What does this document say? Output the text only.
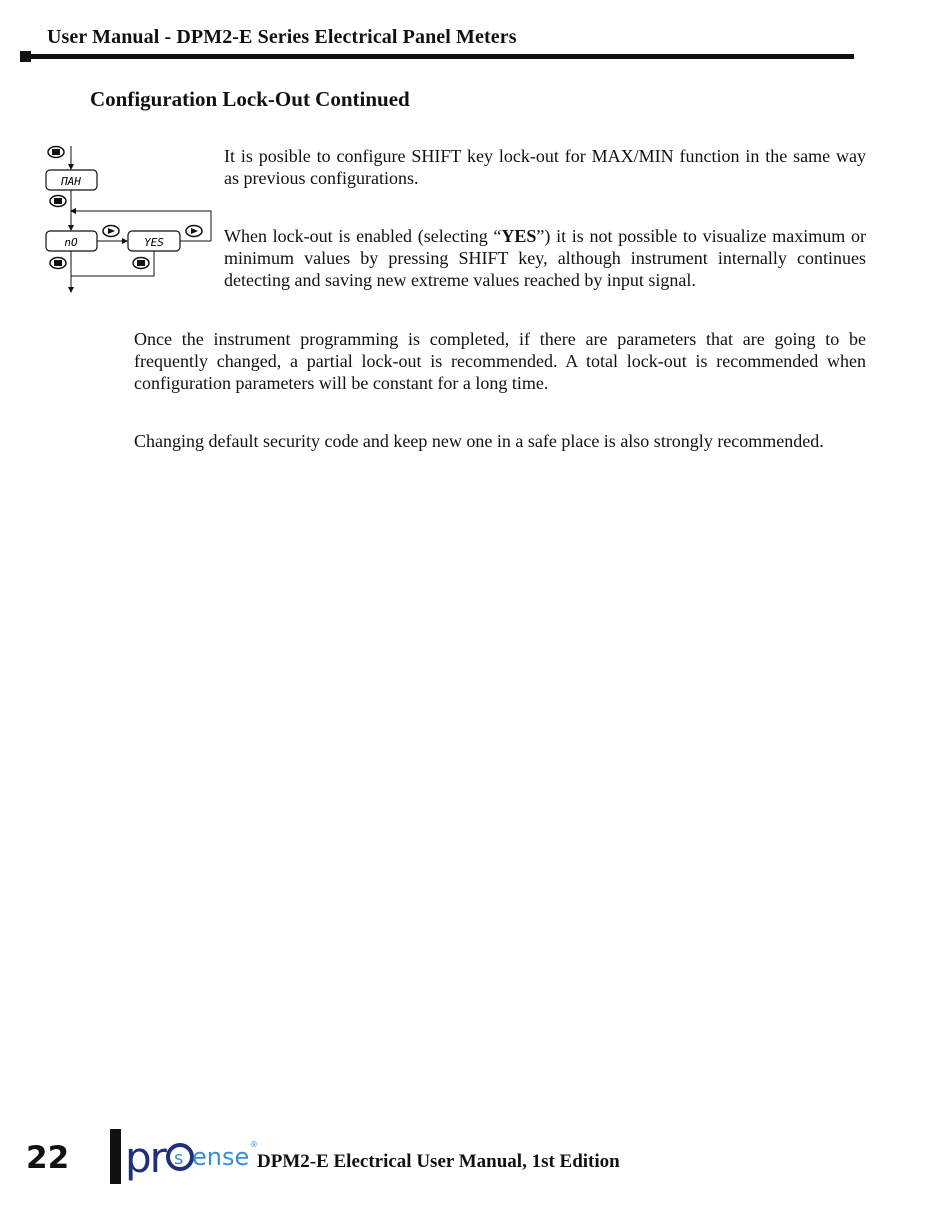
User Manual - DPM2-E Series Electrical Panel Meters
Configuration Lock-Out Continued
ΠAH
nO	YES

It is posible to configure SHIFT key lock-out for MAX/MIN function in the same way as previous configurations.

When lock-out is enabled (selecting “YES”) it is not possible to visualize maximum or minimum values by pressing SHIFT key, although instrument internally continues detecting and saving new extreme values reached by input signal.

Once the instrument programming is completed, if there are parameters that are going to be frequently changed, a partial lock-out is recommended. A total lock-out is recommended when configuration parameters will be constant for a long time.

Changing default security code and keep new one in a safe place is also strongly recommended.

22 pr s ense ®
DPM2-E Electrical User Manual, 1st Edition
